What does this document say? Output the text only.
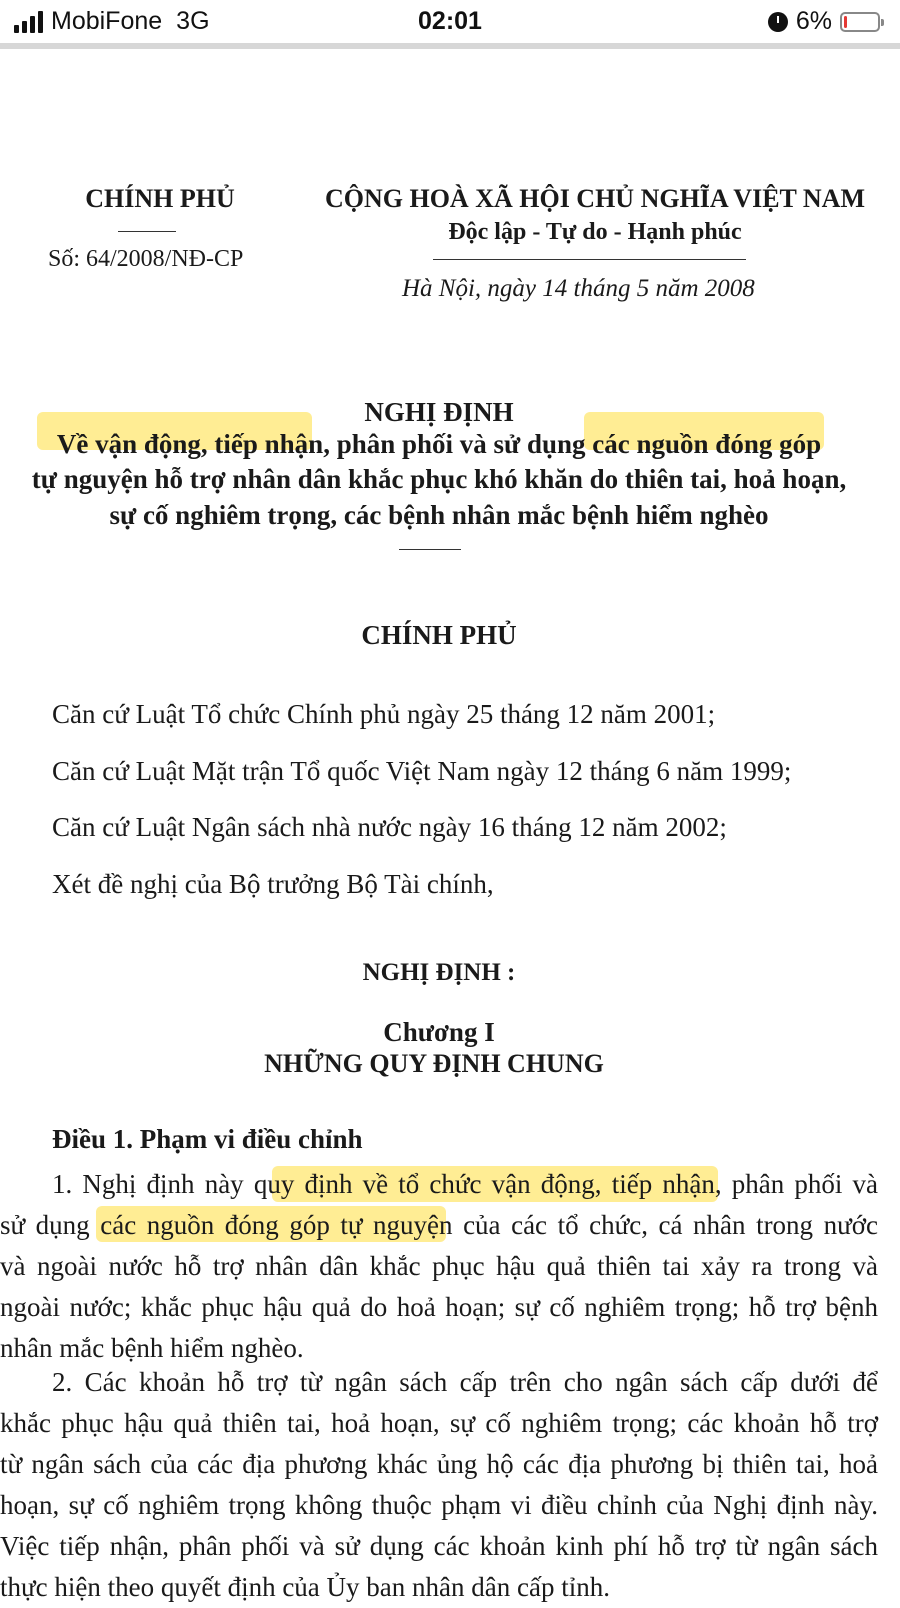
MobiFone 3G	02:01	6%
CHÍNH PHỦ
Số: 64/2008/NĐ-CP
CỘNG HOÀ XÃ HỘI CHỦ NGHĨA VIỆT NAM
Độc lập - Tự do - Hạnh phúc
Hà Nội, ngày 14 tháng 5 năm 2008
NGHỊ ĐỊNH
Về vận động, tiếp nhận, phân phối và sử dụng các nguồn đóng góp
tự nguyện hỗ trợ nhân dân khắc phục khó khăn do thiên tai, hoả hoạn,
sự cố nghiêm trọng, các bệnh nhân mắc bệnh hiểm nghèo
CHÍNH PHỦ
Căn cứ Luật Tổ chức Chính phủ ngày 25 tháng 12 năm 2001;
Căn cứ Luật Mặt trận Tổ quốc Việt Nam ngày 12 tháng 6 năm 1999;
Căn cứ Luật Ngân sách nhà nước ngày 16 tháng 12 năm 2002;
Xét đề nghị của Bộ trưởng Bộ Tài chính,
NGHỊ ĐỊNH :
Chương I
NHỮNG QUY ĐỊNH CHUNG
Điều 1. Phạm vi điều chỉnh
1. Nghị định này quy định về tổ chức vận động, tiếp nhận, phân phối và
sử dụng các nguồn đóng góp tự nguyện của các tổ chức, cá nhân trong nước
và ngoài nước hỗ trợ nhân dân khắc phục hậu quả thiên tai xảy ra trong và
ngoài nước; khắc phục hậu quả do hoả hoạn; sự cố nghiêm trọng; hỗ trợ bệnh
nhân mắc bệnh hiểm nghèo.
2. Các khoản hỗ trợ từ ngân sách cấp trên cho ngân sách cấp dưới để
khắc phục hậu quả thiên tai, hoả hoạn, sự cố nghiêm trọng; các khoản hỗ trợ
từ ngân sách của các địa phương khác ủng hộ các địa phương bị thiên tai, hoả
hoạn, sự cố nghiêm trọng không thuộc phạm vi điều chỉnh của Nghị định này.
Việc tiếp nhận, phân phối và sử dụng các khoản kinh phí hỗ trợ từ ngân sách
thực hiện theo quyết định của Ủy ban nhân dân cấp tỉnh.
